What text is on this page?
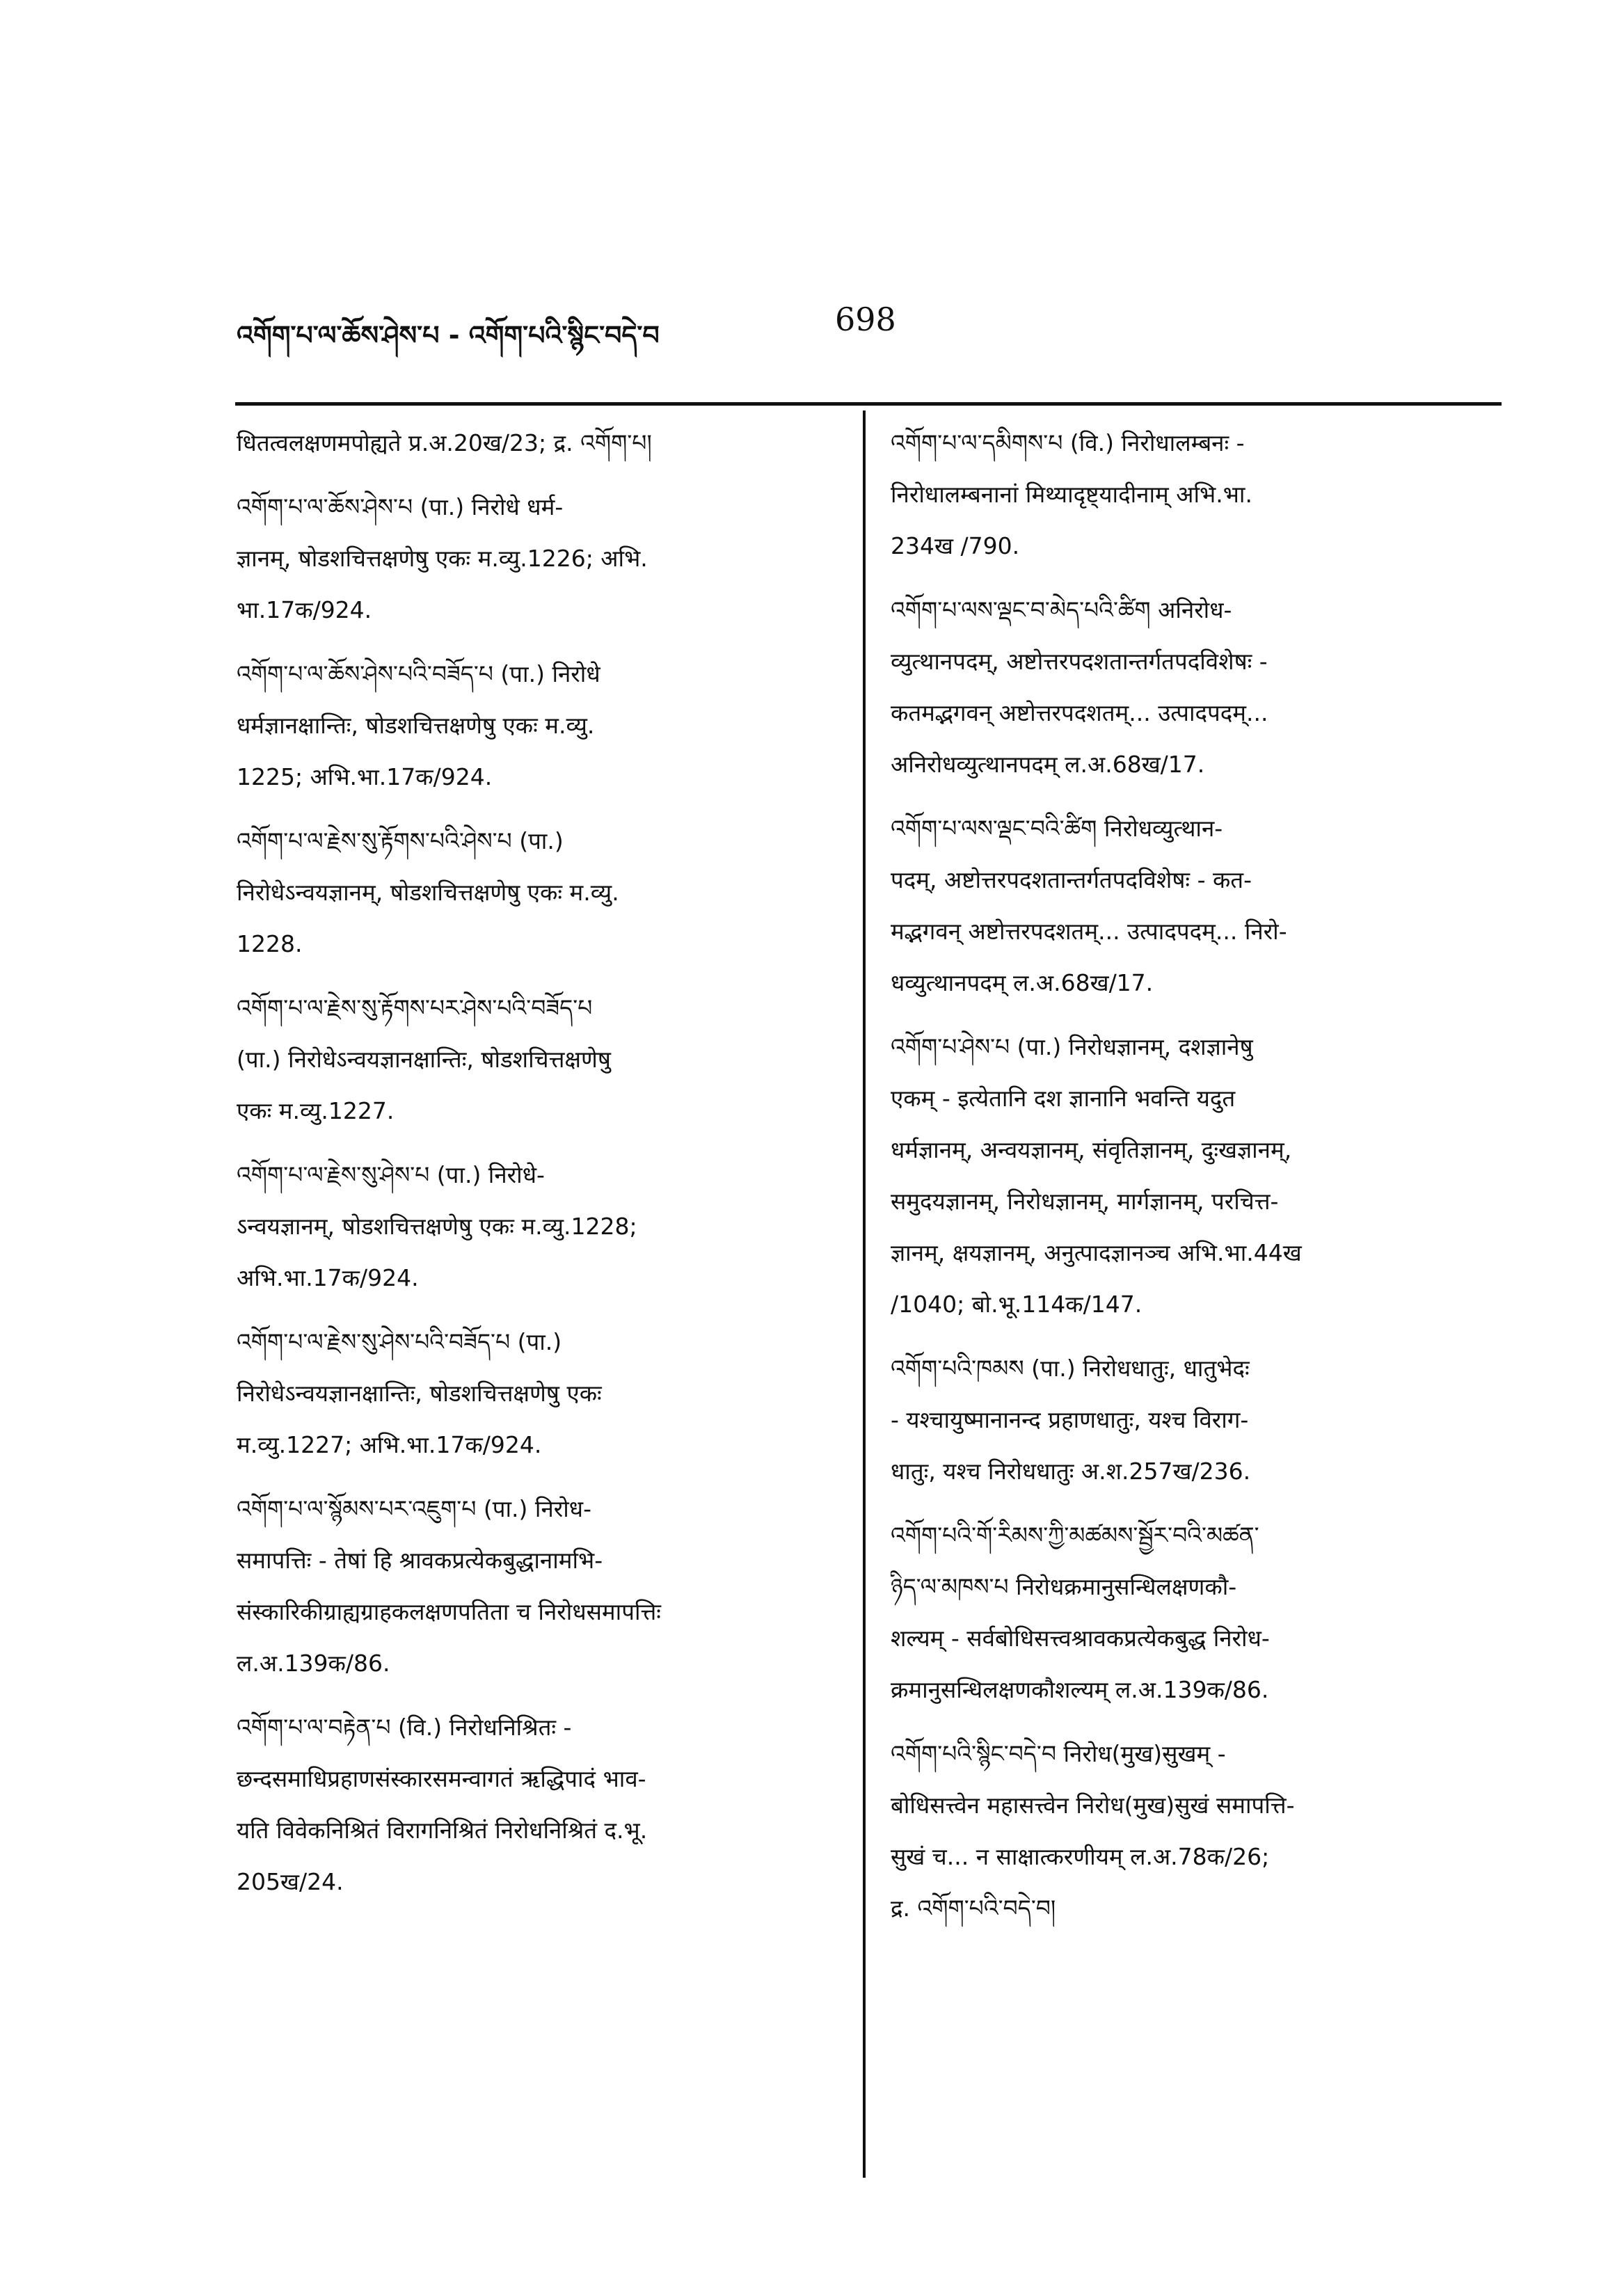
འགོག་པ་ལ་ཆོས་ཤེས་པ - འགོག་པའི་སྙིང་བདེ་བ	698
धितत्वलक्षणमपोह्यते प्र.अ.20ख/23; द्र. འགོག་པ།
འགོག་པ་ལ་ཆོས་ཤེས་པ (पा.) निरोधे धर्म-
ज्ञानम्, षोडशचित्तक्षणेषु एकः म.व्यु.1226; अभि.
भा.17क/924.
འགོག་པ་ལ་ཆོས་ཤེས་པའི་བཟོད་པ (पा.) निरोधे
धर्मज्ञानक्षान्तिः, षोडशचित्तक्षणेषु एकः म.व्यु.
1225; अभि.भा.17क/924.
འགོག་པ་ལ་རྗེས་སུ་རྟོགས་པའི་ཤེས་པ (पा.)
निरोधेऽन्वयज्ञानम्, षोडशचित्तक्षणेषु एकः म.व्यु.
1228.
འགོག་པ་ལ་རྗེས་སུ་རྟོགས་པར་ཤེས་པའི་བཟོད་པ
(पा.) निरोधेऽन्वयज्ञानक्षान्तिः, षोडशचित्तक्षणेषु
एकः म.व्यु.1227.
འགོག་པ་ལ་རྗེས་སུ་ཤེས་པ (पा.) निरोधे-
ऽन्वयज्ञानम्, षोडशचित्तक्षणेषु एकः म.व्यु.1228;
अभि.भा.17क/924.
འགོག་པ་ལ་རྗེས་སུ་ཤེས་པའི་བཟོད་པ (पा.)
निरोधेऽन्वयज्ञानक्षान्तिः, षोडशचित्तक्षणेषु एकः
म.व्यु.1227; अभि.भा.17क/924.
འགོག་པ་ལ་སྙོམས་པར་འཇུག་པ (पा.) निरोध-
समापत्तिः - तेषां हि श्रावकप्रत्येकबुद्धानामभि-
संस्कारिकीग्राह्यग्राहकलक्षणपतिता च निरोधसमापत्तिः
ल.अ.139क/86.
འགོག་པ་ལ་བརྟེན་པ (वि.) निरोधनिश्रितः -
छन्दसमाधिप्रहाणसंस्कारसमन्वागतं ऋद्धिपादं भाव-
यति विवेकनिश्रितं विरागनिश्रितं निरोधनिश्रितं द.भू.
205ख/24.
འགོག་པ་ལ་དམིགས་པ (वि.) निरोधालम्बनः -
निरोधालम्बनानां मिथ्यादृष्ट्यादीनाम् अभि.भा.
234ख /790.
འགོག་པ་ལས་ལྡང་བ་མེད་པའི་ཚིག अनिरोध-
व्युत्थानपदम्, अष्टोत्तरपदशतान्तर्गतपदविशेषः -
कतमद्भगवन् अष्टोत्तरपदशतम्... उत्पादपदम्...
अनिरोधव्युत्थानपदम् ल.अ.68ख/17.
འགོག་པ་ལས་ལྡང་བའི་ཚིག निरोधव्युत्थान-
पदम्, अष्टोत्तरपदशतान्तर्गतपदविशेषः - कत-
मद्भगवन् अष्टोत्तरपदशतम्... उत्पादपदम्... निरो-
धव्युत्थानपदम् ल.अ.68ख/17.
འགོག་པ་ཤེས་པ (पा.) निरोधज्ञानम्, दशज्ञानेषु
एकम् - इत्येतानि दश ज्ञानानि भवन्ति यदुत
धर्मज्ञानम्, अन्वयज्ञानम्, संवृतिज्ञानम्, दुःखज्ञानम्,
समुदयज्ञानम्, निरोधज्ञानम्, मार्गज्ञानम्, परचित्त-
ज्ञानम्, क्षयज्ञानम्, अनुत्पादज्ञानञ्च अभि.भा.44ख
/1040; बो.भू.114क/147.
འགོག་པའི་ཁམས (पा.) निरोधधातुः, धातुभेदः
- यश्चायुष्मानानन्द प्रहाणधातुः, यश्च विराग-
धातुः, यश्च निरोधधातुः अ.श.257ख/236.
འགོག་པའི་གོ་རིམས་ཀྱི་མཚམས་སྦྱོར་བའི་མཚན་
ཉིད་ལ་མཁས་པ निरोधक्रमानुसन्धिलक्षणकौ-
शल्यम् - सर्वबोधिसत्त्वश्रावकप्रत्येकबुद्ध निरोध-
क्रमानुसन्धिलक्षणकौशल्यम् ल.अ.139क/86.
འགོག་པའི་སྙིང་བདེ་བ निरोध(मुख)सुखम् -
बोधिसत्त्वेन महासत्त्वेन निरोध(मुख)सुखं समापत्ति-
सुखं च... न साक्षात्करणीयम् ल.अ.78क/26;
द्र. འགོག་པའི་བདེ་བ།
